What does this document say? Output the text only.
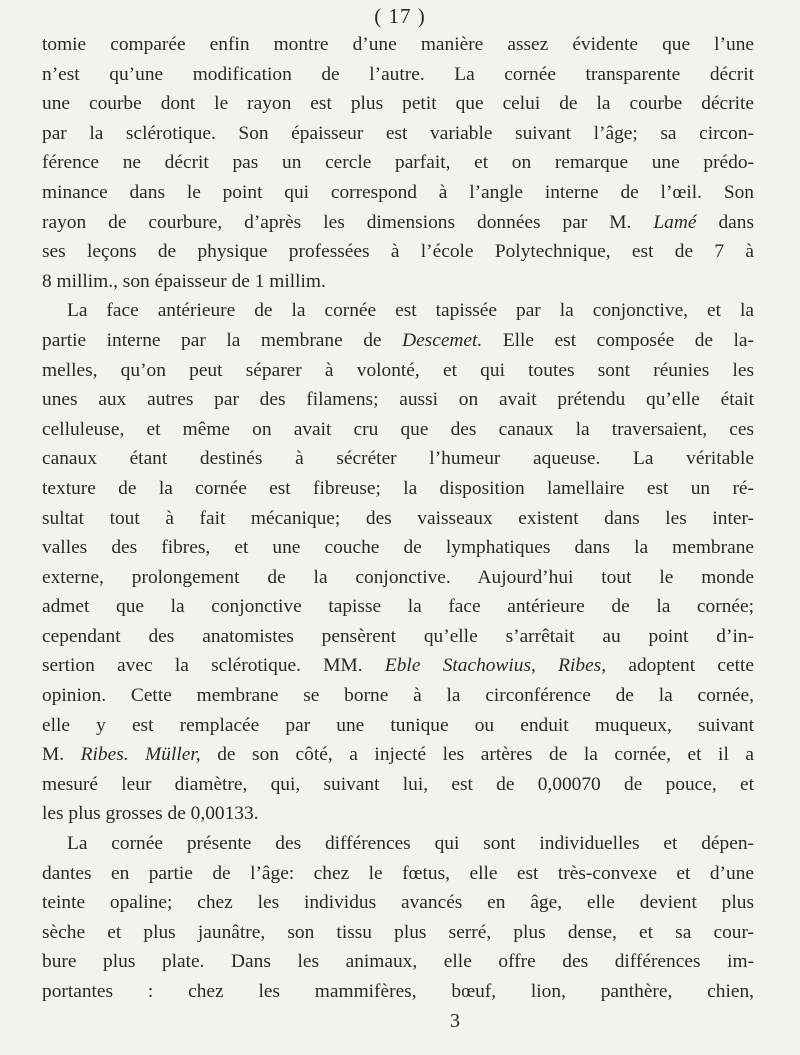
( 17 )
tomie comparée enfin montre d’une manière assez évidente que l’une
n’est qu’une modification de l’autre. La cornée transparente décrit
une courbe dont le rayon est plus petit que celui de la courbe décrite
par la sclérotique. Son épaisseur est variable suivant l’âge; sa circon-
férence ne décrit pas un cercle parfait, et on remarque une prédo-
minance dans le point qui correspond à l’angle interne de l’œil. Son
rayon de courbure, d’après les dimensions données par M. Lamé dans
ses leçons de physique professées à l’école Polytechnique, est de 7 à
8 millim., son épaisseur de 1 millim.
La face antérieure de la cornée est tapissée par la conjonctive, et la
partie interne par la membrane de Descemet. Elle est composée de la-
melles, qu’on peut séparer à volonté, et qui toutes sont réunies les
unes aux autres par des filamens; aussi on avait prétendu qu’elle était
celluleuse, et même on avait cru que des canaux la traversaient, ces
canaux étant destinés à sécréter l’humeur aqueuse. La véritable
texture de la cornée est fibreuse; la disposition lamellaire est un ré-
sultat tout à fait mécanique; des vaisseaux existent dans les inter-
valles des fibres, et une couche de lymphatiques dans la membrane
externe, prolongement de la conjonctive. Aujourd’hui tout le monde
admet que la conjonctive tapisse la face antérieure de la cornée;
cependant des anatomistes pensèrent qu’elle s’arrêtait au point d’in-
sertion avec la sclérotique. MM. Eble Stachowius, Ribes, adoptent cette
opinion. Cette membrane se borne à la circonférence de la cornée,
elle y est remplacée par une tunique ou enduit muqueux, suivant
M. Ribes. Müller, de son côté, a injecté les artères de la cornée, et il a
mesuré leur diamètre, qui, suivant lui, est de 0,00070 de pouce, et
les plus grosses de 0,00133.
La cornée présente des différences qui sont individuelles et dépen-
dantes en partie de l’âge: chez le fœtus, elle est très-convexe et d’une
teinte opaline; chez les individus avancés en âge, elle devient plus
sèche et plus jaunâtre, son tissu plus serré, plus dense, et sa cour-
bure plus plate. Dans les animaux, elle offre des différences im-
portantes : chez les mammifères, bœuf, lion, panthère, chien,
3
